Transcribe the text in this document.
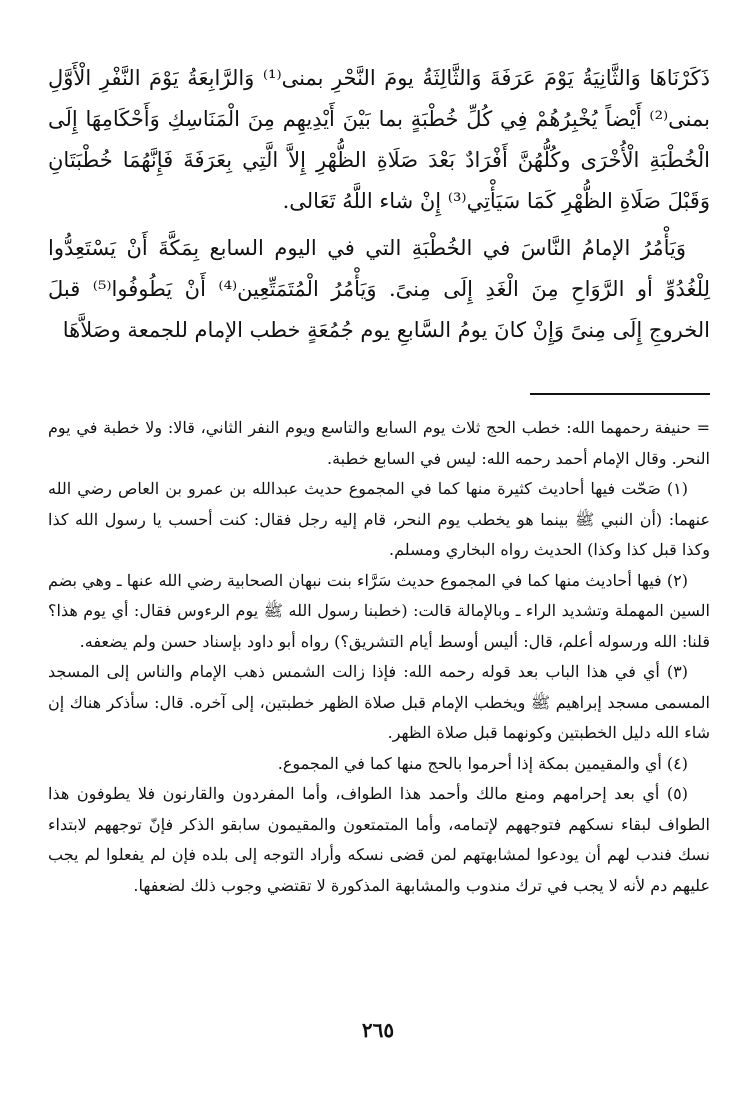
ذَكَرْنَاهَا وَالثَّانِيَةُ يَوْمَ عَرَفَةَ وَالثَّالِثَةُ يومَ النَّحْرِ بمنى⁽¹⁾ وَالرَّابِعَةُ يَوْمَ النَّفْرِ الْأَوَّلِ بمنى⁽²⁾ أَيْضاً يُخْبِرُهُمْ فِي كُلِّ خُطْبَةٍ بما بَيْنَ أَيْدِيهِم مِنَ الْمَنَاسِكِ وَأَحْكَامِهَا إِلَى الْخُطْبَةِ الْأُخْرَى وكُلُّهُنَّ أَفْرَادٌ بَعْدَ صَلَاةِ الظُّهْرِ إِلاَّ الَّتِي بِعَرَفَةَ فَإِنَّهُمَا خُطْبَتَانِ وَقَبْلَ صَلَاةِ الظُّهْرِ كَمَا سَيَأْتِي⁽³⁾ إِنْ شاء اللَّهُ تَعَالى.

وَيَأْمُرُ الإمامُ النَّاسَ في الخُطْبَةِ التي في اليوم السابع بِمَكَّةَ أَنْ يَسْتَعِدُّوا لِلْغُدُوِّ أو الرَّوَاحِ مِنَ الْغَدِ إِلَى مِنىً. وَيَأْمُرُ الْمُتَمَتِّعِين⁽⁴⁾ أَنْ يَطُوفُوا⁽⁵⁾ قبلَ الخروجِ إِلَى مِنىً وَإِنْ كانَ يومُ السَّابعِ يوم جُمُعَةٍ خطب الإمام للجمعة وصَلاَّهَا

= حنيفة رحمهما الله: خطب الحج ثلاث يوم السابع والتاسع ويوم النفر الثاني، قالا: ولا خطبة في يوم النحر. وقال الإمام أحمد رحمه الله: ليس في السابع خطبة.

(١) صَحّت فيها أحاديث كثيرة منها كما في المجموع حديث عبدالله بن عمرو بن العاص رضي الله عنهما: (أن النبي ﷺ بينما هو يخطب يوم النحر، قام إليه رجل فقال: كنت أحسب يا رسول الله كذا وكذا قبل كذا وكذا) الحديث رواه البخاري ومسلم.

(٢) فيها أحاديث منها كما في المجموع حديث سَرَّاء بنت نبهان الصحابية رضي الله عنها ـ وهي بضم السين المهملة وتشديد الراء ـ وبالإمالة قالت: (خطبنا رسول الله ﷺ يوم الرءوس فقال: أي يوم هذا؟ قلنا: الله ورسوله أعلم، قال: أليس أوسط أيام التشريق؟) رواه أبو داود بإسناد حسن ولم يضعفه.

(٣) أي في هذا الباب بعد قوله رحمه الله: فإذا زالت الشمس ذهب الإمام والناس إلى المسجد المسمى مسجد إبراهيم ﷺ ويخطب الإمام قبل صلاة الظهر خطبتين، إلى آخره. قال: سأذكر هناك إن شاء الله دليل الخطبتين وكونهما قبل صلاة الظهر.

(٤) أي والمقيمين بمكة إذا أحرموا بالحج منها كما في المجموع.

(٥) أي بعد إحرامهم ومنع مالك وأحمد هذا الطواف، وأما المفردون والقارنون فلا يطوفون هذا الطواف لبقاء نسكهم فتوجههم لإتمامه، وأما المتمتعون والمقيمون سابقو الذكر فإنّ توجههم لابتداء نسك فندب لهم أن يودعوا لمشابهتهم لمن قضى نسكه وأراد التوجه إلى بلده فإن لم يفعلوا لم يجب عليهم دم لأنه لا يجب في ترك مندوب والمشابهة المذكورة لا تقتضي وجوب ذلك لضعفها.

٢٦٥
